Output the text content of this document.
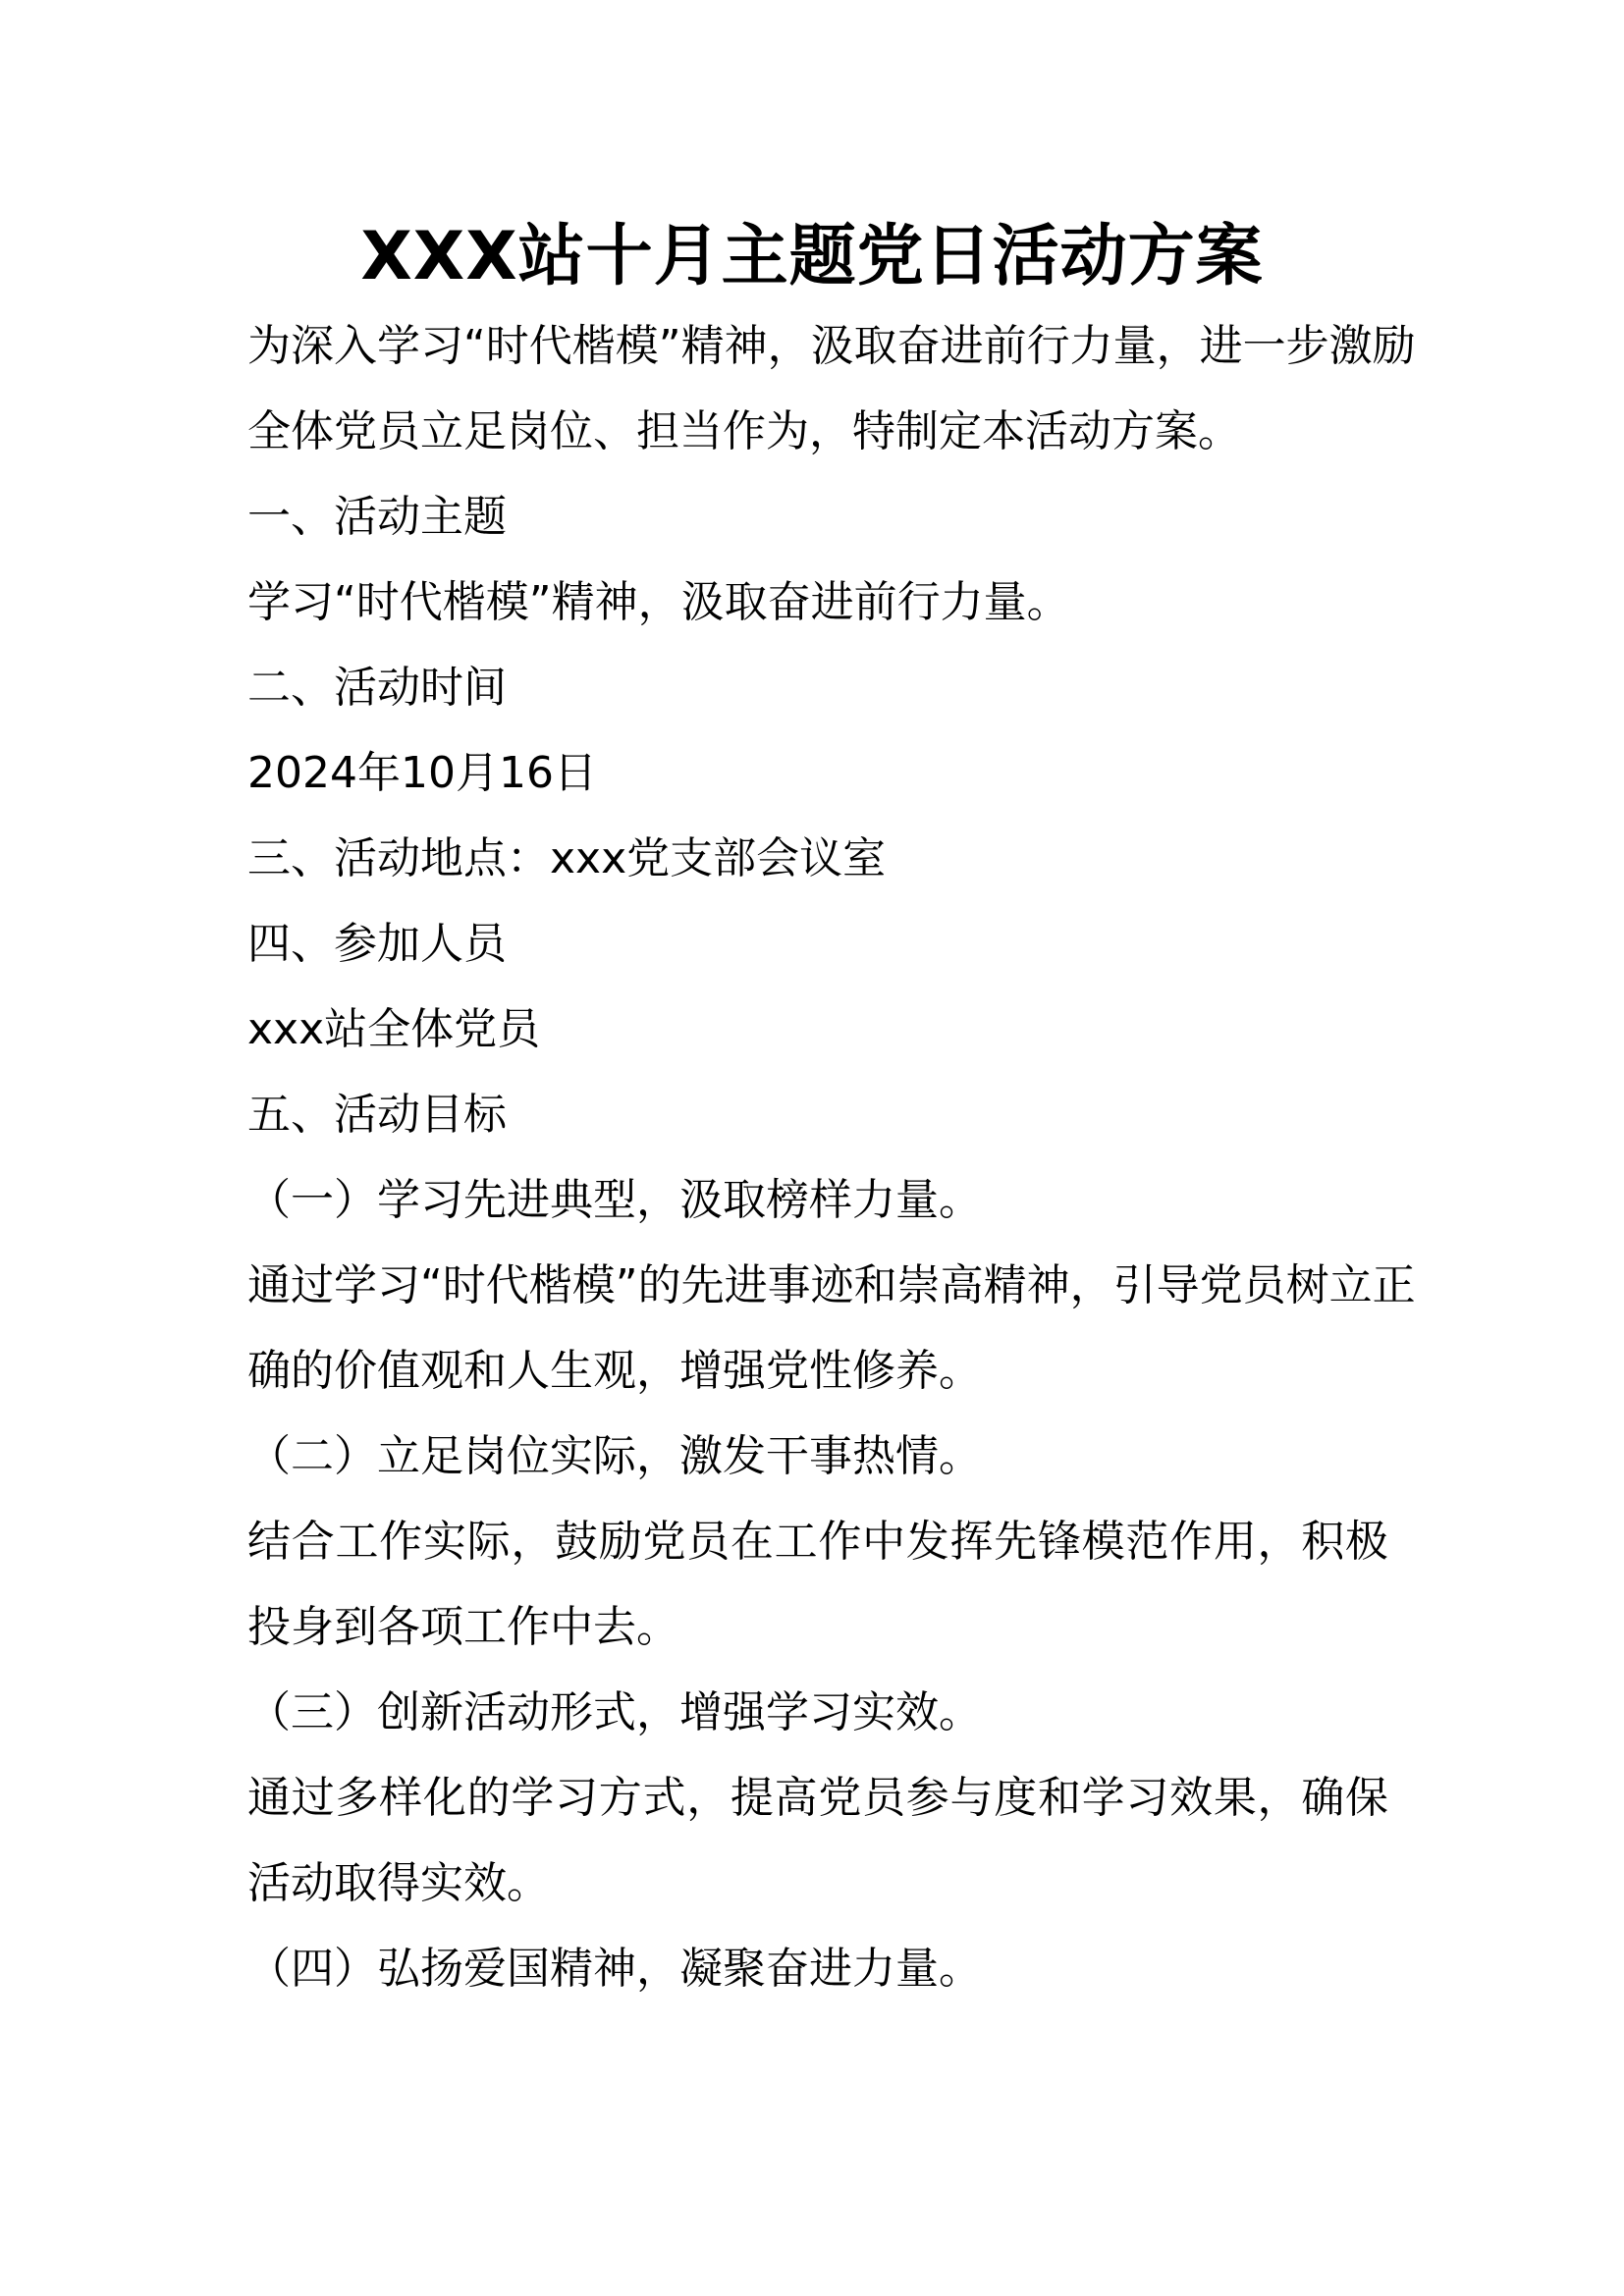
XXX站十月主题党日活动方案
为深入学习“时代楷模”精神，汲取奋进前行力量，进一步激励
全体党员立足岗位、担当作为，特制定本活动方案。
一、活动主题
学习“时代楷模”精神，汲取奋进前行力量。
二、活动时间
2024年10月16日
三、活动地点：xxx党支部会议室
四、参加人员
xxx站全体党员
五、活动目标
（一）学习先进典型，汲取榜样力量。
通过学习“时代楷模”的先进事迹和崇高精神，引导党员树立正
确的价值观和人生观，增强党性修养。
（二）立足岗位实际，激发干事热情。
结合工作实际，鼓励党员在工作中发挥先锋模范作用，积极
投身到各项工作中去。
（三）创新活动形式，增强学习实效。
通过多样化的学习方式，提高党员参与度和学习效果，确保
活动取得实效。
（四）弘扬爱国精神，凝聚奋进力量。
